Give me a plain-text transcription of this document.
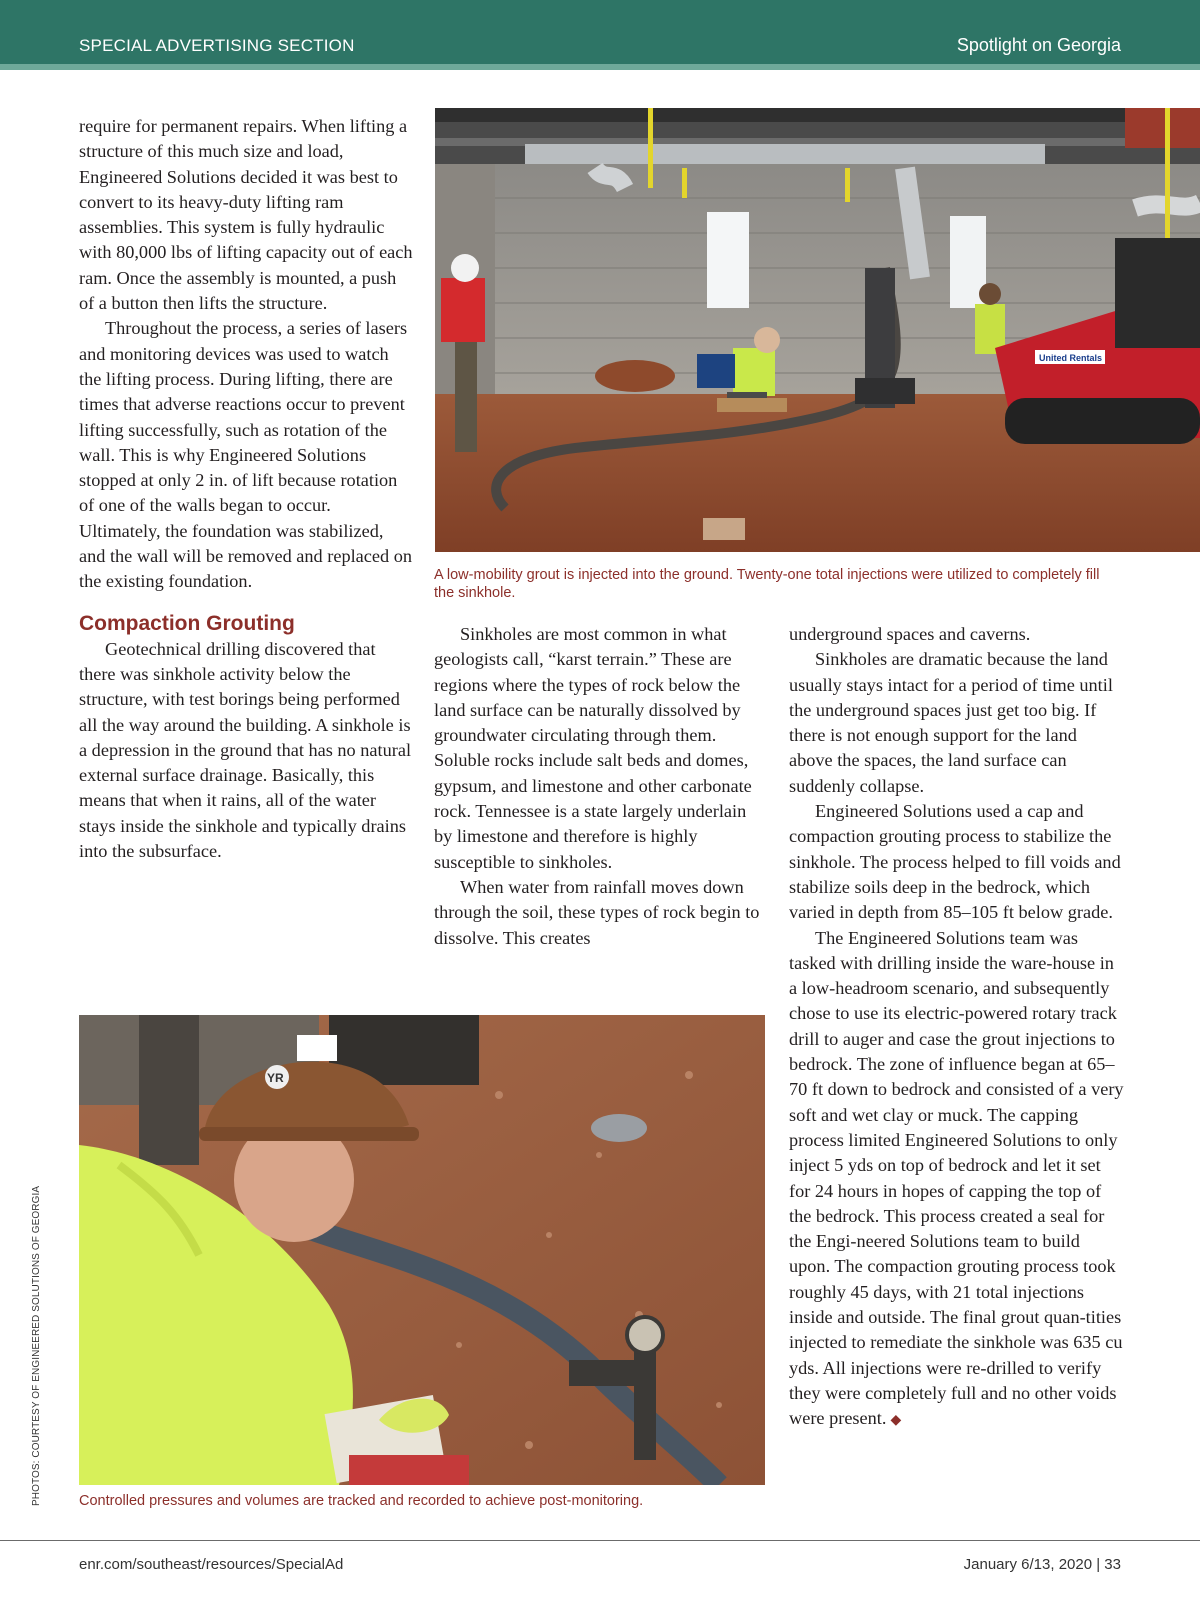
SPECIAL ADVERTISING SECTION	Spotlight on Georgia

require for permanent repairs. When lifting a structure of this much size and load, Engineered Solutions decided it was best to convert to its heavy-duty lifting ram assemblies. This system is fully hydraulic with 80,000 lbs of lifting capacity out of each ram. Once the assembly is mounted, a push of a button then lifts the structure.

Throughout the process, a series of lasers and monitoring devices was used to watch the lifting process. During lifting, there are times that adverse reactions occur to prevent lifting successfully, such as rotation of the wall. This is why Engineered Solutions stopped at only 2 in. of lift because rotation of one of the walls began to occur. Ultimately, the foundation was stabilized, and the wall will be removed and replaced on the existing foundation.

Compaction Grouting

Geotechnical drilling discovered that there was sinkhole activity below the structure, with test borings being performed all the way around the building. A sinkhole is a depression in the ground that has no natural external surface drainage. Basically, this means that when it rains, all of the water stays inside the sinkhole and typically drains into the subsurface.

United Rentals
A low-mobility grout is injected into the ground. Twenty-one total injections were utilized to completely fill the sinkhole.

Sinkholes are most common in what geologists call, “karst terrain.” These are regions where the types of rock below the land surface can be naturally dissolved by groundwater circulating through them. Soluble rocks include salt beds and domes, gypsum, and limestone and other carbonate rock. Tennessee is a state largely underlain by limestone and therefore is highly susceptible to sinkholes.

When water from rainfall moves down through the soil, these types of rock begin to dissolve. This creates

underground spaces and caverns.

Sinkholes are dramatic because the land usually stays intact for a period of time until the underground spaces just get too big. If there is not enough support for the land above the spaces, the land surface can suddenly collapse.

Engineered Solutions used a cap and compaction grouting process to stabilize the sinkhole. The process helped to fill voids and stabilize soils deep in the bedrock, which varied in depth from 85–105 ft below grade.

The Engineered Solutions team was tasked with drilling inside the ware-house in a low-headroom scenario, and subsequently chose to use its electric-powered rotary track drill to auger and case the grout injections to bedrock. The zone of influence began at 65–70 ft down to bedrock and consisted of a very soft and wet clay or muck. The capping process limited Engineered Solutions to only inject 5 yds on top of bedrock and let it set for 24 hours in hopes of capping the top of the bedrock. This process created a seal for the Engi-neered Solutions team to build upon. The compaction grouting process took roughly 45 days, with 21 total injections inside and outside. The final grout quan-tities injected to remediate the sinkhole was 635 cu yds. All injections were re-drilled to verify they were completely full and no other voids were present. ◆

YR
Controlled pressures and volumes are tracked and recorded to achieve post-monitoring.
PHOTOS: COURTESY OF ENGINEERED SOLUTIONS OF GEORGIA
enr.com/southeast/resources/SpecialAd	January 6/13, 2020 | 33
